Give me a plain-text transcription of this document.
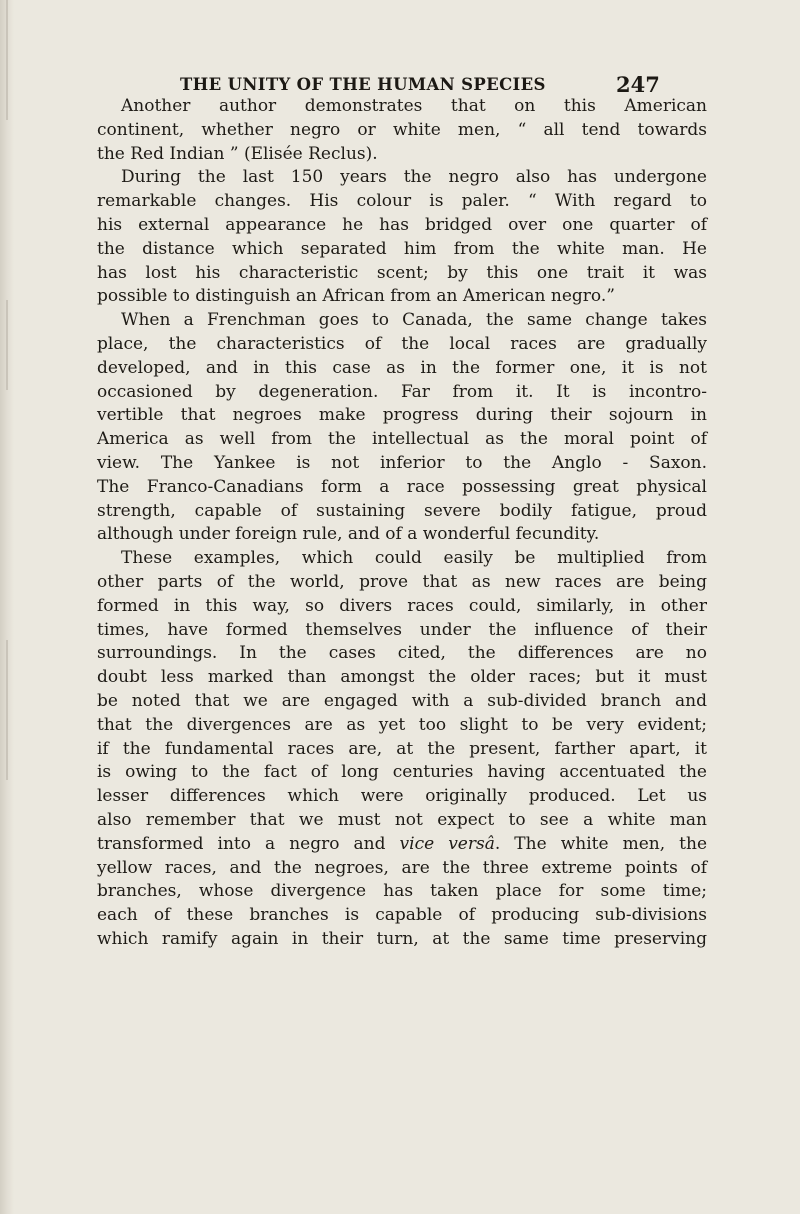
THE UNITY OF THE HUMAN SPECIES	247
Another author demonstrates that on this American
continent, whether negro or white men, “ all tend towards
the Red Indian ” (Elisée Reclus).
During the last 150 years the negro also has undergone
remarkable changes. His colour is paler. “ With regard to
his external appearance he has bridged over one quarter of
the distance which separated him from the white man. He
has lost his characteristic scent; by this one trait it was
possible to distinguish an African from an American negro.”
When a Frenchman goes to Canada, the same change takes
place, the characteristics of the local races are gradually
developed, and in this case as in the former one, it is not
occasioned by degeneration. Far from it. It is incontro-
vertible that negroes make progress during their sojourn in
America as well from the intellectual as the moral point of
view. The Yankee is not inferior to the Anglo - Saxon.
The Franco-Canadians form a race possessing great physical
strength, capable of sustaining severe bodily fatigue, proud
although under foreign rule, and of a wonderful fecundity.
These examples, which could easily be multiplied from
other parts of the world, prove that as new races are being
formed in this way, so divers races could, similarly, in other
times, have formed themselves under the influence of their
surroundings. In the cases cited, the differences are no
doubt less marked than amongst the older races; but it must
be noted that we are engaged with a sub-divided branch and
that the divergences are as yet too slight to be very evident;
if the fundamental races are, at the present, farther apart, it
is owing to the fact of long centuries having accentuated the
lesser differences which were originally produced. Let us
also remember that we must not expect to see a white man
transformed into a negro and vice versâ. The white men, the
yellow races, and the negroes, are the three extreme points of
branches, whose divergence has taken place for some time;
each of these branches is capable of producing sub-divisions
which ramify again in their turn, at the same time preserving
